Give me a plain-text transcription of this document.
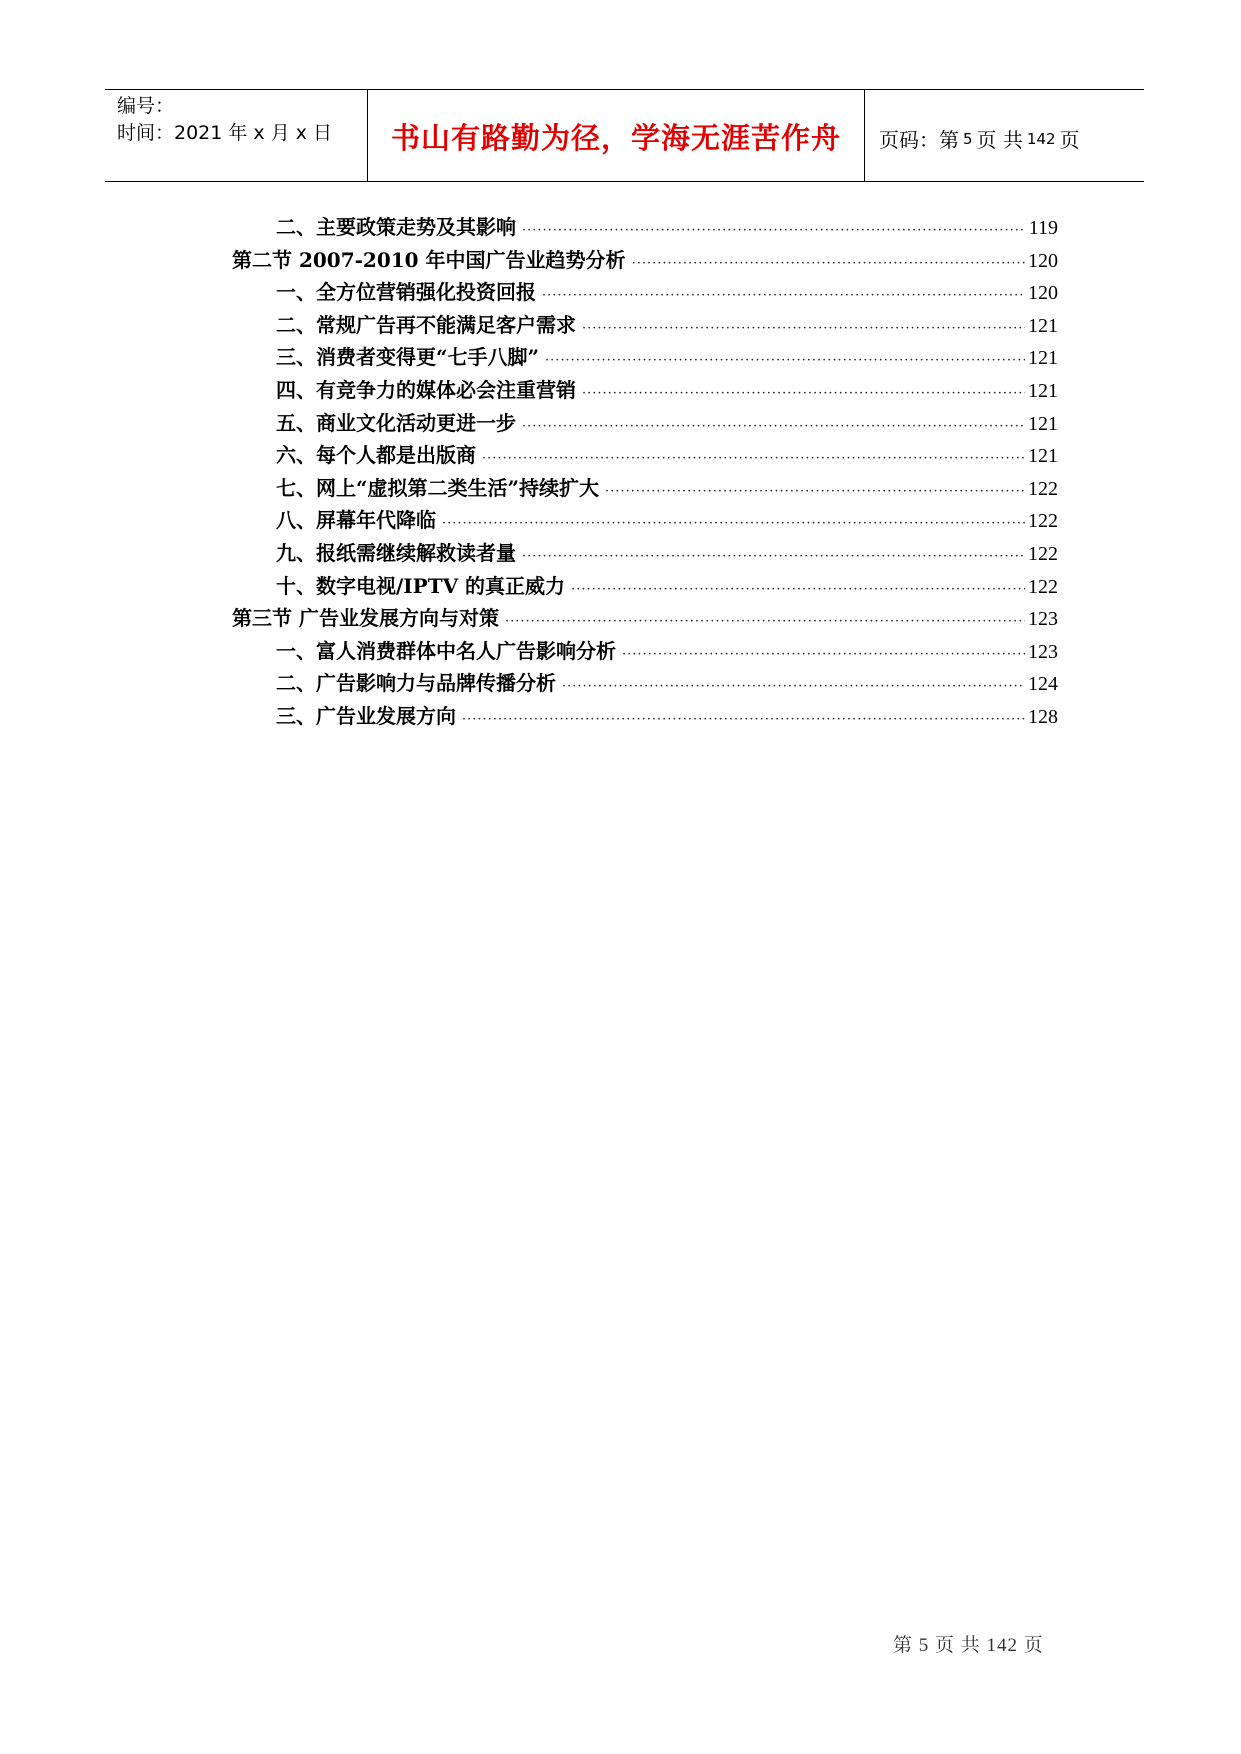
编号：
时间：2021 年 x 月 x 日	书山有路勤为径，学海无涯苦作舟	页码：第 5 页 共 142 页
二、主要政策走势及其影响 ·····	119
第二节 2007-2010 年中国广告业趋势分析 ·····	120
一、全方位营销强化投资回报 ·····	120
二、常规广告再不能满足客户需求 ·····	121
三、消费者变得更“七手八脚” ·····	121
四、有竞争力的媒体必会注重营销 ·····	121
五、商业文化活动更进一步 ·····	121
六、每个人都是出版商 ·····	121
七、网上“虚拟第二类生活”持续扩大 ·····	122
八、屏幕年代降临 ·····	122
九、报纸需继续解救读者量 ·····	122
十、数字电视/IPTV 的真正威力 ·····	122
第三节 广告业发展方向与对策 ·····	123
一、富人消费群体中名人广告影响分析 ·····	123
二、广告影响力与品牌传播分析 ·····	124
三、广告业发展方向 ·····	128
第 5 页 共 142 页
